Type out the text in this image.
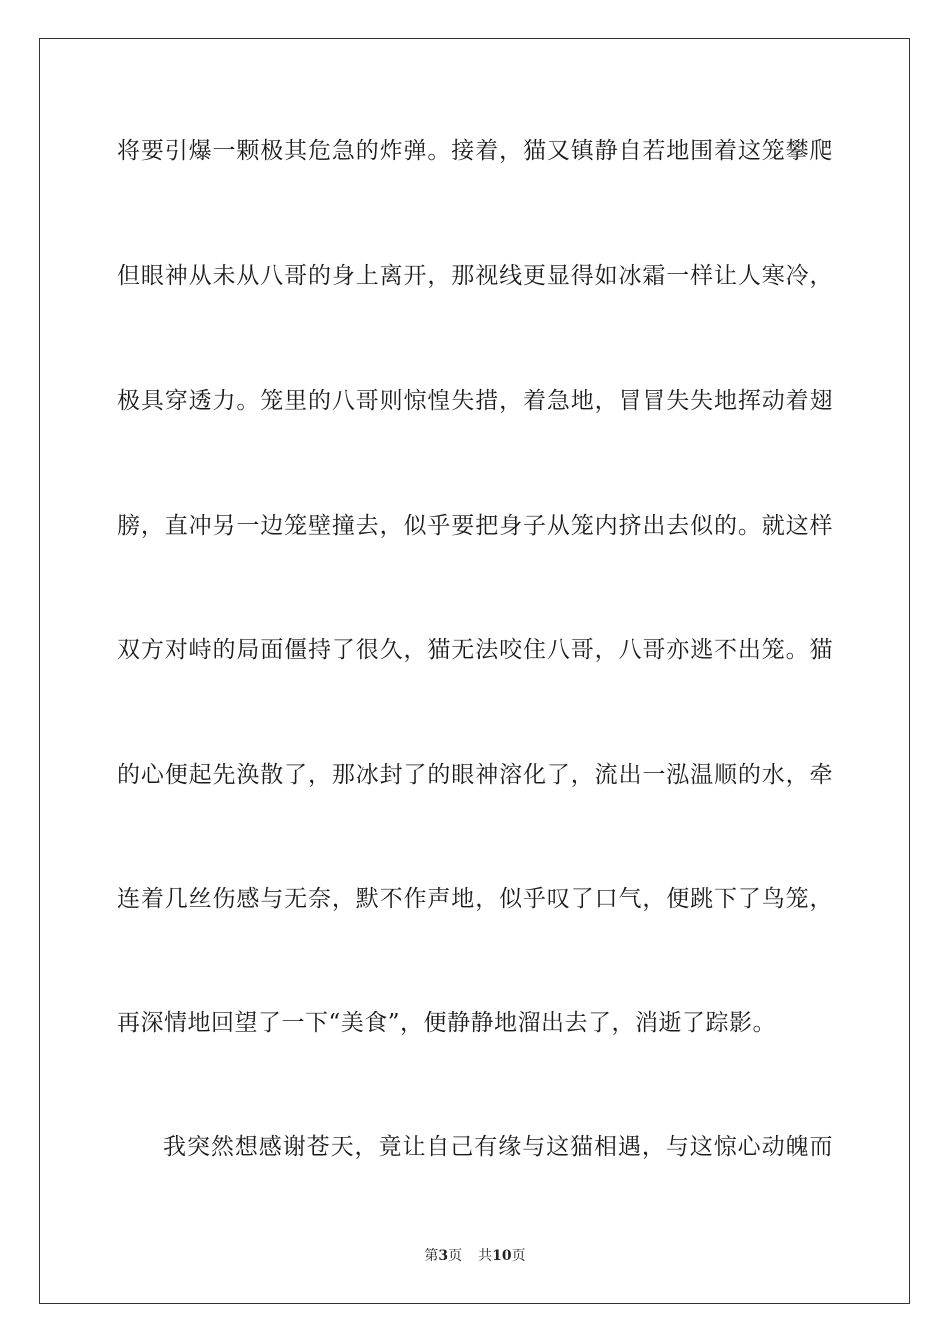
将要引爆一颗极其危急的炸弹。接着，猫又镇静自若地围着这笼攀爬
但眼神从未从八哥的身上离开，那视线更显得如冰霜一样让人寒冷，
极具穿透力。笼里的八哥则惊惶失措，着急地，冒冒失失地挥动着翅
膀，直冲另一边笼壁撞去，似乎要把身子从笼内挤出去似的。就这样
双方对峙的局面僵持了很久，猫无法咬住八哥，八哥亦逃不出笼。猫
的心便起先涣散了，那冰封了的眼神溶化了，流出一泓温顺的水，牵
连着几丝伤感与无奈，默不作声地，似乎叹了口气，便跳下了鸟笼，
再深情地回望了一下“美食”，便静静地溜出去了，消逝了踪影。
我突然想感谢苍天，竟让自己有缘与这猫相遇，与这惊心动魄而
第3页 共10页
